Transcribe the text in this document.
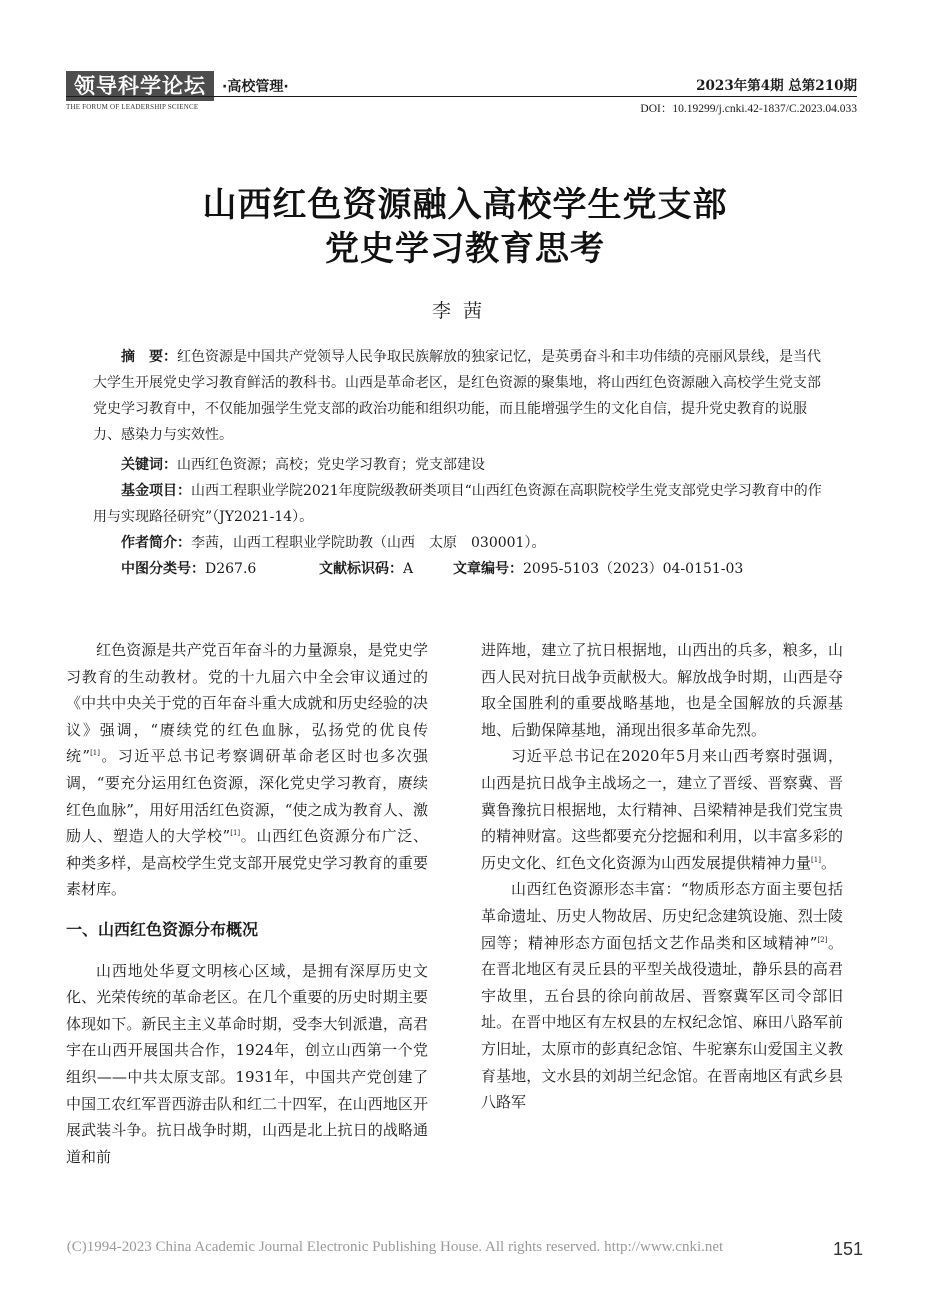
领导科学论坛
THE FORUM OF LEADERSHIP SCIENCE
·高校管理·	2023年第4期 总第210期
DOI：10.19299/j.cnki.42-1837/C.2023.04.033
山西红色资源融入高校学生党支部
党史学习教育思考
李茜
摘　要：红色资源是中国共产党领导人民争取民族解放的独家记忆，是英勇奋斗和丰功伟绩的亮丽风景线，是当代大学生开展党史学习教育鲜活的教科书。山西是革命老区，是红色资源的聚集地，将山西红色资源融入高校学生党支部党史学习教育中，不仅能加强学生党支部的政治功能和组织功能，而且能增强学生的文化自信，提升党史教育的说服力、感染力与实效性。
关键词：山西红色资源；高校；党史学习教育；党支部建设
基金项目：山西工程职业学院2021年度院级教研类项目“山西红色资源在高职院校学生党支部党史学习教育中的作用与实现路径研究”（JY2021-14）。
作者简介：李茜，山西工程职业学院助教（山西　太原　030001）。
中图分类号：D267.6	文献标识码：A	文章编号：2095-5103（2023）04-0151-03

红色资源是共产党百年奋斗的力量源泉，是党史学习教育的生动教材。党的十九届六中全会审议通过的《中共中央关于党的百年奋斗重大成就和历史经验的决议》强调，“赓续党的红色血脉，弘扬党的优良传统”[1]。习近平总书记考察调研革命老区时也多次强调，“要充分运用红色资源，深化党史学习教育，赓续红色血脉”，用好用活红色资源，“使之成为教育人、激励人、塑造人的大学校”[1]。山西红色资源分布广泛、种类多样，是高校学生党支部开展党史学习教育的重要素材库。

一、山西红色资源分布概况

山西地处华夏文明核心区域，是拥有深厚历史文化、光荣传统的革命老区。在几个重要的历史时期主要体现如下。新民主主义革命时期，受李大钊派遣，高君宇在山西开展国共合作，1924年，创立山西第一个党组织——中共太原支部。1931年，中国共产党创建了中国工农红军晋西游击队和红二十四军，在山西地区开展武装斗争。抗日战争时期，山西是北上抗日的战略通道和前

进阵地，建立了抗日根据地，山西出的兵多，粮多，山西人民对抗日战争贡献极大。解放战争时期，山西是夺取全国胜利的重要战略基地，也是全国解放的兵源基地、后勤保障基地，涌现出很多革命先烈。

习近平总书记在2020年5月来山西考察时强调，山西是抗日战争主战场之一，建立了晋绥、晋察冀、晋冀鲁豫抗日根据地，太行精神、吕梁精神是我们党宝贵的精神财富。这些都要充分挖掘和利用，以丰富多彩的历史文化、红色文化资源为山西发展提供精神力量[1]。

山西红色资源形态丰富：“物质形态方面主要包括革命遗址、历史人物故居、历史纪念建筑设施、烈士陵园等；精神形态方面包括文艺作品类和区域精神”[2]。在晋北地区有灵丘县的平型关战役遗址，静乐县的高君宇故里，五台县的徐向前故居、晋察冀军区司令部旧址。在晋中地区有左权县的左权纪念馆、麻田八路军前方旧址，太原市的彭真纪念馆、牛驼寨东山爱国主义教育基地，文水县的刘胡兰纪念馆。在晋南地区有武乡县八路军

(C)1994-2023 China Academic Journal Electronic Publishing House. All rights reserved. http://www.cnki.net	151
